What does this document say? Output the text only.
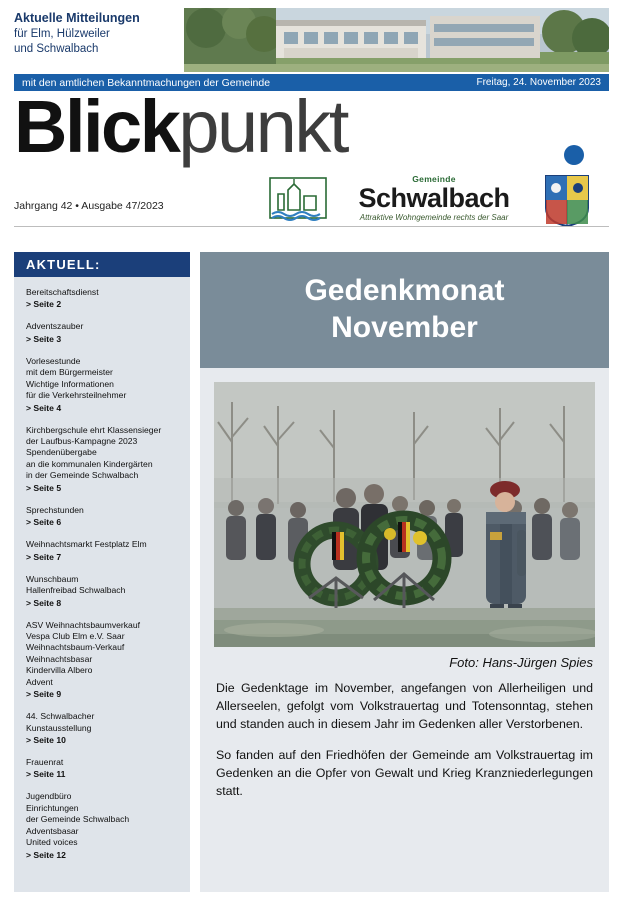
Aktuelle Mitteilungen
für Elm, Hülzweiler
und Schwalbach
mit den amtlichen Bekanntmachungen der Gemeinde	Freitag, 24. November 2023
Blickpunkt
Gemeinde
Schwalbach
Attraktive Wohngemeinde rechts der Saar
Jahrgang 42 • Ausgabe 47/2023
AKTUELL:
Bereitschaftsdienst
> Seite 2
Adventszauber
> Seite 3
Vorlesestunde
mit dem Bürgermeister
Wichtige Informationen
für die Verkehrsteilnehmer
> Seite 4
Kirchbergschule ehrt Klassensieger
der Laufbus-Kampagne 2023
Spendenübergabe
an die kommunalen Kindergärten
in der Gemeinde Schwalbach
> Seite 5
Sprechstunden
> Seite 6
Weihnachtsmarkt Festplatz Elm
> Seite 7
Wunschbaum
Hallenfreibad Schwalbach
> Seite 8
ASV Weihnachtsbaumverkauf
Vespa Club Elm e.V. Saar
Weihnachtsbaum-Verkauf
Weihnachtsbasar
Kindervilla Albero
Advent
> Seite 9
44. Schwalbacher
Kunstausstellung
> Seite 10
Frauenrat
> Seite 11
Jugendbüro
Einrichtungen
der Gemeinde Schwalbach
Adventsbasar
United voices
> Seite 12
Gedenkmonat
November
Foto: Hans-Jürgen Spies

Die Gedenktage im November, angefangen von Allerheiligen und Allerseelen, gefolgt vom Volkstrauertag und Totensonntag, stehen und standen auch in diesem Jahr im Gedenken aller Verstorbenen.

So fanden auf den Friedhöfen der Gemeinde am Volkstrauertag im Gedenken an die Opfer von Gewalt und Krieg Kranzniederlegungen statt.
